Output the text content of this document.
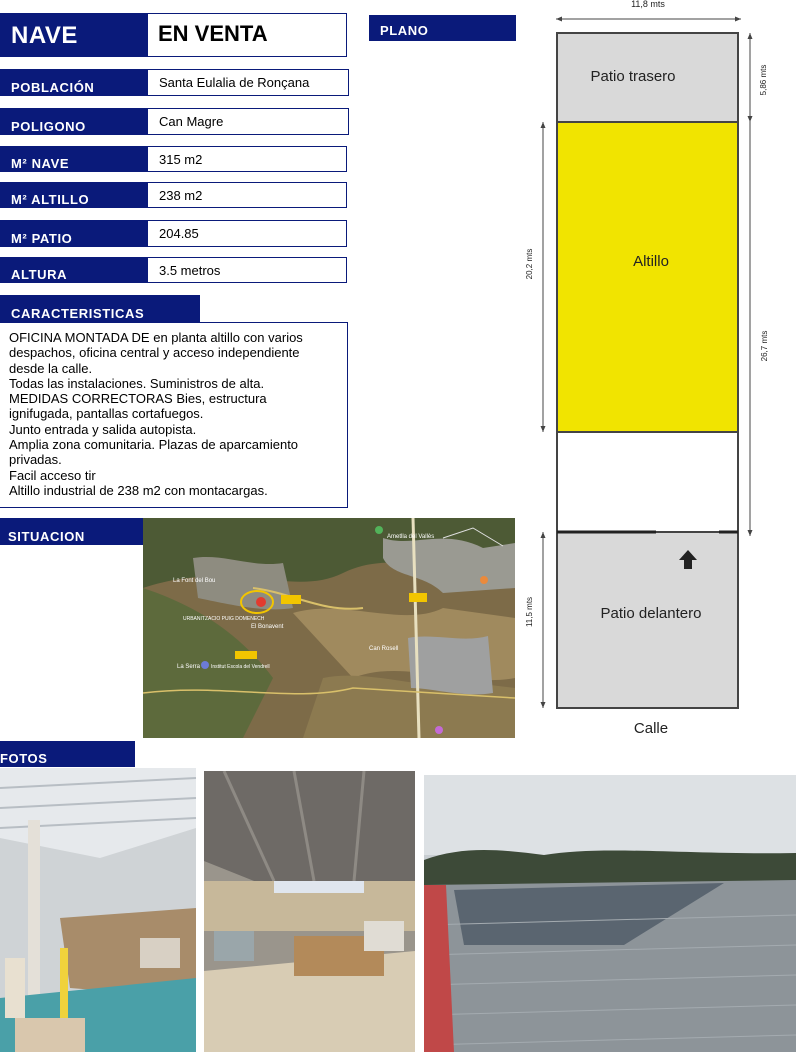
NAVE	EN VENTA	PLANO
POBLACIÓN	Santa Eulalia de Ronçana
POLIGONO	Can Magre
M² NAVE	315 m2
M² ALTILLO	238 m2
M² PATIO	204.85
ALTURA	3.5 metros
CARACTERISTICAS
OFICINA MONTADA DE en planta altillo con varios
despachos, oficina central y acceso independiente
desde la calle.
Todas las instalaciones. Suministros de alta.
MEDIDAS CORRECTORAS Bies, estructura
ignifugada, pantallas cortafuegos.
Junto entrada y salida autopista.
Amplia zona comunitaria. Plazas de aparcamiento
privadas.
Facil acceso tir
Altillo industrial de 238 m2 con montacargas.
SITUACION
La Font del Bou
URBANITZACIO PUIG DOMENECH
El Bonavent
La Serra Institut Escola del Vendrell
Ametlla del Vallès
Can Rosell
FOTOS
11,8 mts
Patio trasero
Altillo
Patio delantero
Calle
5,86 mts
26,7 mts
20,2 mts
11,5 mts
